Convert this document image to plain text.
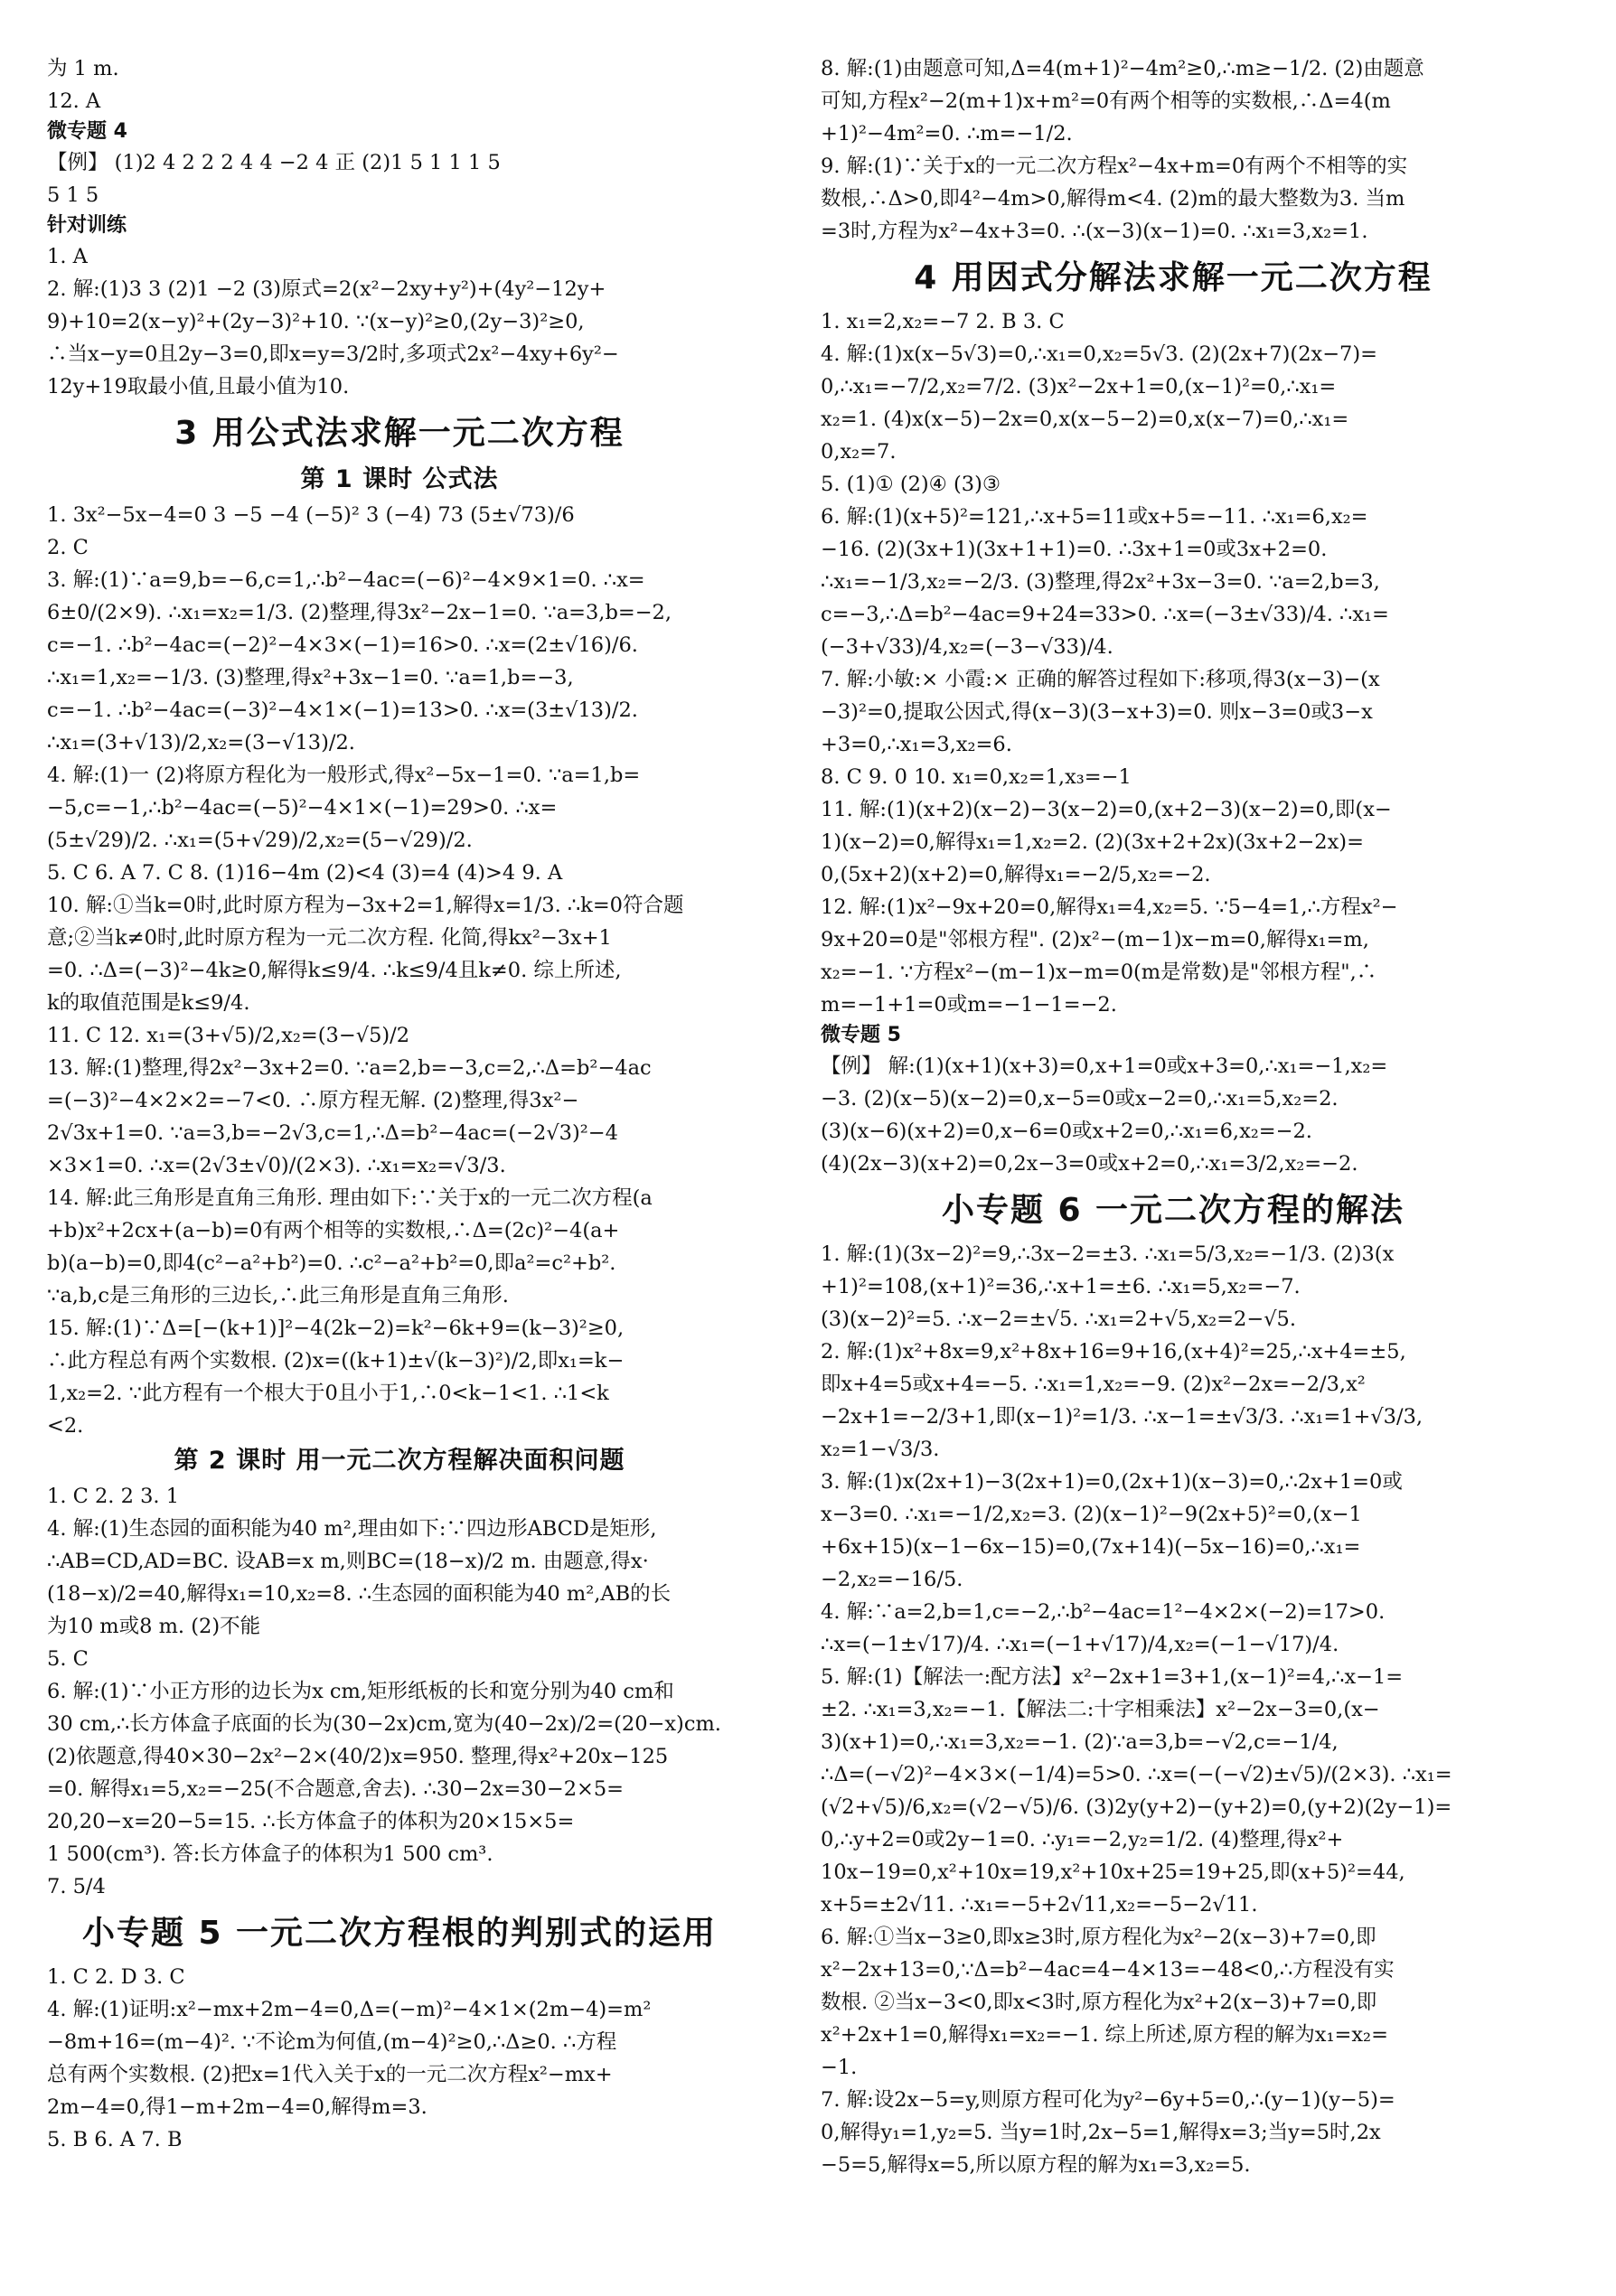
为 1 m.
12. A
微专题 4
【例】 (1)2 4 2 2 2 4 4 −2 4 正 (2)1 5 1 1 1 5
5 1 5
针对训练
1. A
2. 解:(1)3 3 (2)1 −2 (3)原式=2(x²−2xy+y²)+(4y²−12y+
9)+10=2(x−y)²+(2y−3)²+10. ∵(x−y)²≥0,(2y−3)²≥0,
∴当x−y=0且2y−3=0,即x=y=3/2时,多项式2x²−4xy+6y²−
12y+19取最小值,且最小值为10.
3 用公式法求解一元二次方程
第 1 课时 公式法
1. 3x²−5x−4=0 3 −5 −4 (−5)² 3 (−4) 73 (5±√73)/6
2. C
3. 解:(1)∵a=9,b=−6,c=1,∴b²−4ac=(−6)²−4×9×1=0. ∴x=
6±0/(2×9). ∴x₁=x₂=1/3. (2)整理,得3x²−2x−1=0. ∵a=3,b=−2,
c=−1. ∴b²−4ac=(−2)²−4×3×(−1)=16>0. ∴x=(2±√16)/6.
∴x₁=1,x₂=−1/3. (3)整理,得x²+3x−1=0. ∵a=1,b=−3,
c=−1. ∴b²−4ac=(−3)²−4×1×(−1)=13>0. ∴x=(3±√13)/2.
∴x₁=(3+√13)/2,x₂=(3−√13)/2.
4. 解:(1)一 (2)将原方程化为一般形式,得x²−5x−1=0. ∵a=1,b=
−5,c=−1,∴b²−4ac=(−5)²−4×1×(−1)=29>0. ∴x=
(5±√29)/2. ∴x₁=(5+√29)/2,x₂=(5−√29)/2.
5. C 6. A 7. C 8. (1)16−4m (2)<4 (3)=4 (4)>4 9. A
10. 解:①当k=0时,此时原方程为−3x+2=1,解得x=1/3. ∴k=0符合题
意;②当k≠0时,此时原方程为一元二次方程. 化简,得kx²−3x+1
=0. ∴Δ=(−3)²−4k≥0,解得k≤9/4. ∴k≤9/4且k≠0. 综上所述,
k的取值范围是k≤9/4.
11. C 12. x₁=(3+√5)/2,x₂=(3−√5)/2
13. 解:(1)整理,得2x²−3x+2=0. ∵a=2,b=−3,c=2,∴Δ=b²−4ac
=(−3)²−4×2×2=−7<0. ∴原方程无解. (2)整理,得3x²−
2√3x+1=0. ∵a=3,b=−2√3,c=1,∴Δ=b²−4ac=(−2√3)²−4
×3×1=0. ∴x=(2√3±√0)/(2×3). ∴x₁=x₂=√3/3.
14. 解:此三角形是直角三角形. 理由如下:∵关于x的一元二次方程(a
+b)x²+2cx+(a−b)=0有两个相等的实数根,∴Δ=(2c)²−4(a+
b)(a−b)=0,即4(c²−a²+b²)=0. ∴c²−a²+b²=0,即a²=c²+b².
∵a,b,c是三角形的三边长,∴此三角形是直角三角形.
15. 解:(1)∵Δ=[−(k+1)]²−4(2k−2)=k²−6k+9=(k−3)²≥0,
∴此方程总有两个实数根. (2)x=((k+1)±√(k−3)²)/2,即x₁=k−
1,x₂=2. ∵此方程有一个根大于0且小于1,∴0<k−1<1. ∴1<k
<2.
第 2 课时 用一元二次方程解决面积问题
1. C 2. 2 3. 1
4. 解:(1)生态园的面积能为40 m²,理由如下:∵四边形ABCD是矩形,
∴AB=CD,AD=BC. 设AB=x m,则BC=(18−x)/2 m. 由题意,得x·
(18−x)/2=40,解得x₁=10,x₂=8. ∴生态园的面积能为40 m²,AB的长
为10 m或8 m. (2)不能
5. C
6. 解:(1)∵小正方形的边长为x cm,矩形纸板的长和宽分别为40 cm和
30 cm,∴长方体盒子底面的长为(30−2x)cm,宽为(40−2x)/2=(20−x)cm.
(2)依题意,得40×30−2x²−2×(40/2)x=950. 整理,得x²+20x−125
=0. 解得x₁=5,x₂=−25(不合题意,舍去). ∴30−2x=30−2×5=
20,20−x=20−5=15. ∴长方体盒子的体积为20×15×5=
1 500(cm³). 答:长方体盒子的体积为1 500 cm³.
7. 5/4
小专题 5 一元二次方程根的判别式的运用
1. C 2. D 3. C
4. 解:(1)证明:x²−mx+2m−4=0,Δ=(−m)²−4×1×(2m−4)=m²
−8m+16=(m−4)². ∵不论m为何值,(m−4)²≥0,∴Δ≥0. ∴方程
总有两个实数根. (2)把x=1代入关于x的一元二次方程x²−mx+
2m−4=0,得1−m+2m−4=0,解得m=3.
5. B 6. A 7. B
8. 解:(1)由题意可知,Δ=4(m+1)²−4m²≥0,∴m≥−1/2. (2)由题意
可知,方程x²−2(m+1)x+m²=0有两个相等的实数根,∴Δ=4(m
+1)²−4m²=0. ∴m=−1/2.
9. 解:(1)∵关于x的一元二次方程x²−4x+m=0有两个不相等的实
数根,∴Δ>0,即4²−4m>0,解得m<4. (2)m的最大整数为3. 当m
=3时,方程为x²−4x+3=0. ∴(x−3)(x−1)=0. ∴x₁=3,x₂=1.
4 用因式分解法求解一元二次方程
1. x₁=2,x₂=−7 2. B 3. C
4. 解:(1)x(x−5√3)=0,∴x₁=0,x₂=5√3. (2)(2x+7)(2x−7)=
0,∴x₁=−7/2,x₂=7/2. (3)x²−2x+1=0,(x−1)²=0,∴x₁=
x₂=1. (4)x(x−5)−2x=0,x(x−5−2)=0,x(x−7)=0,∴x₁=
0,x₂=7.
5. (1)① (2)④ (3)③
6. 解:(1)(x+5)²=121,∴x+5=11或x+5=−11. ∴x₁=6,x₂=
−16. (2)(3x+1)(3x+1+1)=0. ∴3x+1=0或3x+2=0.
∴x₁=−1/3,x₂=−2/3. (3)整理,得2x²+3x−3=0. ∵a=2,b=3,
c=−3,∴Δ=b²−4ac=9+24=33>0. ∴x=(−3±√33)/4. ∴x₁=
(−3+√33)/4,x₂=(−3−√33)/4.
7. 解:小敏:× 小霞:× 正确的解答过程如下:移项,得3(x−3)−(x
−3)²=0,提取公因式,得(x−3)(3−x+3)=0. 则x−3=0或3−x
+3=0,∴x₁=3,x₂=6.
8. C 9. 0 10. x₁=0,x₂=1,x₃=−1
11. 解:(1)(x+2)(x−2)−3(x−2)=0,(x+2−3)(x−2)=0,即(x−
1)(x−2)=0,解得x₁=1,x₂=2. (2)(3x+2+2x)(3x+2−2x)=
0,(5x+2)(x+2)=0,解得x₁=−2/5,x₂=−2.
12. 解:(1)x²−9x+20=0,解得x₁=4,x₂=5. ∵5−4=1,∴方程x²−
9x+20=0是"邻根方程". (2)x²−(m−1)x−m=0,解得x₁=m,
x₂=−1. ∵方程x²−(m−1)x−m=0(m是常数)是"邻根方程",∴
m=−1+1=0或m=−1−1=−2.
微专题 5
【例】 解:(1)(x+1)(x+3)=0,x+1=0或x+3=0,∴x₁=−1,x₂=
−3. (2)(x−5)(x−2)=0,x−5=0或x−2=0,∴x₁=5,x₂=2.
(3)(x−6)(x+2)=0,x−6=0或x+2=0,∴x₁=6,x₂=−2.
(4)(2x−3)(x+2)=0,2x−3=0或x+2=0,∴x₁=3/2,x₂=−2.
小专题 6 一元二次方程的解法
1. 解:(1)(3x−2)²=9,∴3x−2=±3. ∴x₁=5/3,x₂=−1/3. (2)3(x
+1)²=108,(x+1)²=36,∴x+1=±6. ∴x₁=5,x₂=−7.
(3)(x−2)²=5. ∴x−2=±√5. ∴x₁=2+√5,x₂=2−√5.
2. 解:(1)x²+8x=9,x²+8x+16=9+16,(x+4)²=25,∴x+4=±5,
即x+4=5或x+4=−5. ∴x₁=1,x₂=−9. (2)x²−2x=−2/3,x²
−2x+1=−2/3+1,即(x−1)²=1/3. ∴x−1=±√3/3. ∴x₁=1+√3/3,
x₂=1−√3/3.
3. 解:(1)x(2x+1)−3(2x+1)=0,(2x+1)(x−3)=0,∴2x+1=0或
x−3=0. ∴x₁=−1/2,x₂=3. (2)(x−1)²−9(2x+5)²=0,(x−1
+6x+15)(x−1−6x−15)=0,(7x+14)(−5x−16)=0,∴x₁=
−2,x₂=−16/5.
4. 解:∵a=2,b=1,c=−2,∴b²−4ac=1²−4×2×(−2)=17>0.
∴x=(−1±√17)/4. ∴x₁=(−1+√17)/4,x₂=(−1−√17)/4.
5. 解:(1)【解法一:配方法】x²−2x+1=3+1,(x−1)²=4,∴x−1=
±2. ∴x₁=3,x₂=−1.【解法二:十字相乘法】x²−2x−3=0,(x−
3)(x+1)=0,∴x₁=3,x₂=−1. (2)∵a=3,b=−√2,c=−1/4,
∴Δ=(−√2)²−4×3×(−1/4)=5>0. ∴x=(−(−√2)±√5)/(2×3). ∴x₁=
(√2+√5)/6,x₂=(√2−√5)/6. (3)2y(y+2)−(y+2)=0,(y+2)(2y−1)=
0,∴y+2=0或2y−1=0. ∴y₁=−2,y₂=1/2. (4)整理,得x²+
10x−19=0,x²+10x=19,x²+10x+25=19+25,即(x+5)²=44,
x+5=±2√11. ∴x₁=−5+2√11,x₂=−5−2√11.
6. 解:①当x−3≥0,即x≥3时,原方程化为x²−2(x−3)+7=0,即
x²−2x+13=0,∵Δ=b²−4ac=4−4×13=−48<0,∴方程没有实
数根. ②当x−3<0,即x<3时,原方程化为x²+2(x−3)+7=0,即
x²+2x+1=0,解得x₁=x₂=−1. 综上所述,原方程的解为x₁=x₂=
−1.
7. 解:设2x−5=y,则原方程可化为y²−6y+5=0,∴(y−1)(y−5)=
0,解得y₁=1,y₂=5. 当y=1时,2x−5=1,解得x=3;当y=5时,2x
−5=5,解得x=5,所以原方程的解为x₁=3,x₂=5.
